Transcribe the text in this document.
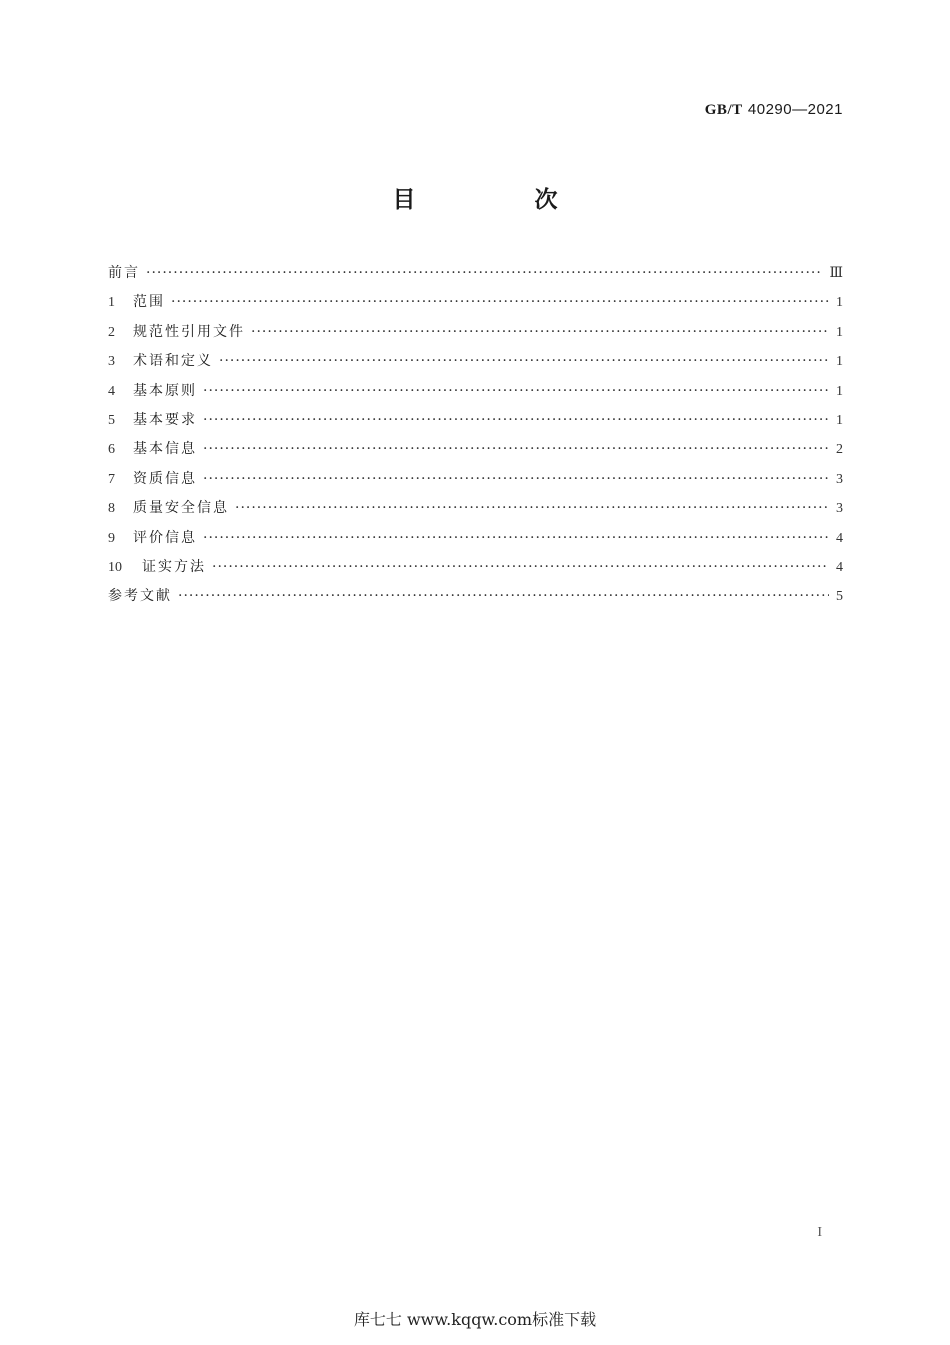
GB/T 40290—2021
目　次
前言 ·····	Ⅲ
1	范围 ·····	1
2	规范性引用文件 ·····	1
3	术语和定义 ·····	1
4	基本原则 ·····	1
5	基本要求 ·····	1
6	基本信息 ·····	2
7	资质信息 ·····	3
8	质量安全信息 ·····	3
9	评价信息 ·····	4
10	证实方法 ·····	4
参考文献 ·····	5
I
库七七 www.kqqw.com标准下载
